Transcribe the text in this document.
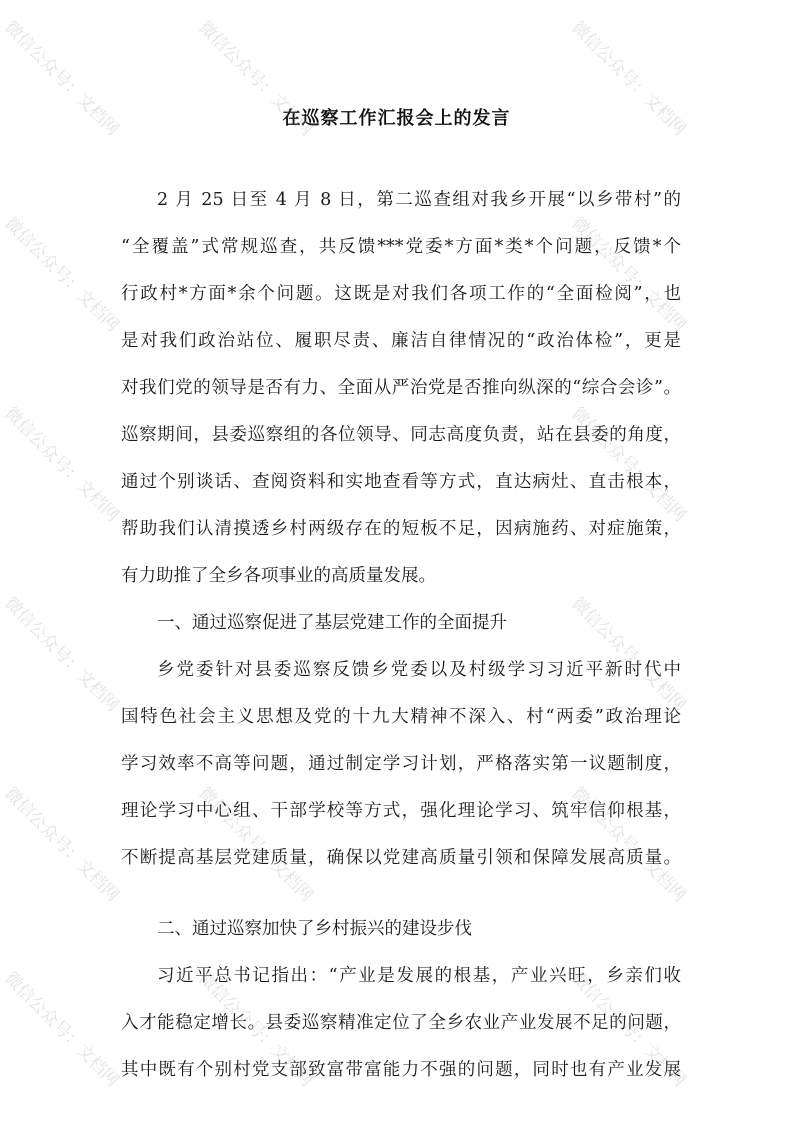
在巡察工作汇报会上的发言
2 月 25 日至 4 月 8 日，第二巡查组对我乡开展“以乡带村”的
“全覆盖”式常规巡查，共反馈***党委*方面*类*个问题，反馈*个
行政村*方面*余个问题。这既是对我们各项工作的“全面检阅”，也
是对我们政治站位、履职尽责、廉洁自律情况的“政治体检”，更是
对我们党的领导是否有力、全面从严治党是否推向纵深的“综合会诊”。
巡察期间，县委巡察组的各位领导、同志高度负责，站在县委的角度，
通过个别谈话、查阅资料和实地查看等方式，直达病灶、直击根本，
帮助我们认清摸透乡村两级存在的短板不足，因病施药、对症施策，
有力助推了全乡各项事业的高质量发展。
一、通过巡察促进了基层党建工作的全面提升
乡党委针对县委巡察反馈乡党委以及村级学习习近平新时代中
国特色社会主义思想及党的十九大精神不深入、村“两委”政治理论
学习效率不高等问题，通过制定学习计划，严格落实第一议题制度，
理论学习中心组、干部学校等方式，强化理论学习、筑牢信仰根基，
不断提高基层党建质量，确保以党建高质量引领和保障发展高质量。
二、通过巡察加快了乡村振兴的建设步伐
习近平总书记指出：“产业是发展的根基，产业兴旺，乡亲们收
入才能稳定增长。县委巡察精准定位了全乡农业产业发展不足的问题，
其中既有个别村党支部致富带富能力不强的问题，同时也有产业发展
微信公众号：文档网	微信公众号：文档网	微信公众号：文档网
微信公众号：文档网	微信公众号：文档网
微信公众号：文档网	微信公众号：文档网
微信公众号：文档网	微信公众号：文档网
微信公众号：文档网	微信公众号：文档网	微信公众号：文档网
微信公众号：文档网	微信公众号：文档网	微信公众号：文档网
